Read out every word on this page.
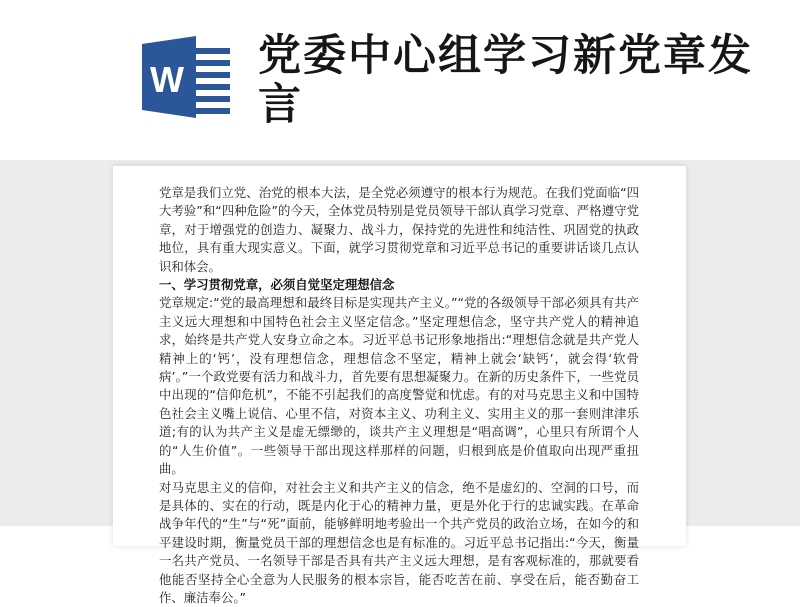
W 党委中心组学习新党章发言

党章是我们立党、治党的根本大法，是全党必须遵守的根本行为规范。在我们党面临“四大考验”和“四种危险”的今天，全体党员特别是党员领导干部认真学习党章、严格遵守党章，对于增强党的创造力、凝聚力、战斗力，保持党的先进性和纯洁性、巩固党的执政地位，具有重大现实意义。下面，就学习贯彻党章和习近平总书记的重要讲话谈几点认识和体会。

一、学习贯彻党章，必须自觉坚定理想信念

党章规定:“党的最高理想和最终目标是实现共产主义。”“党的各级领导干部必须具有共产主义远大理想和中国特色社会主义坚定信念。”坚定理想信念，坚守共产党人的精神追求，始终是共产党人安身立命之本。习近平总书记形象地指出:“理想信念就是共产党人精神上的‘钙’，没有理想信念，理想信念不坚定，精神上就会‘缺钙’，就会得‘软骨病’。”一个政党要有活力和战斗力，首先要有思想凝聚力。在新的历史条件下，一些党员中出现的“信仰危机”，不能不引起我们的高度警觉和忧虑。有的对马克思主义和中国特色社会主义嘴上说信、心里不信，对资本主义、功利主义、实用主义的那一套则津津乐道;有的认为共产主义是虚无缥缈的，谈共产主义理想是“唱高调”，心里只有所谓个人的“人生价值”。一些领导干部出现这样那样的问题，归根到底是价值取向出现严重扭曲。

对马克思主义的信仰，对社会主义和共产主义的信念，绝不是虚幻的、空洞的口号，而是具体的、实在的行动，既是内化于心的精神力量，更是外化于行的忠诚实践。在革命战争年代的“生”与“死”面前，能够鲜明地考验出一个共产党员的政治立场，在如今的和平建设时期，衡量党员干部的理想信念也是有标准的。习近平总书记指出:“今天，衡量一名共产党员、一名领导干部是否具有共产主义远大理想，是有客观标准的，那就要看他能否坚持全心全意为人民服务的根本宗旨，能否吃苦在前、享受在后，能否勤奋工作、廉洁奉公。”
